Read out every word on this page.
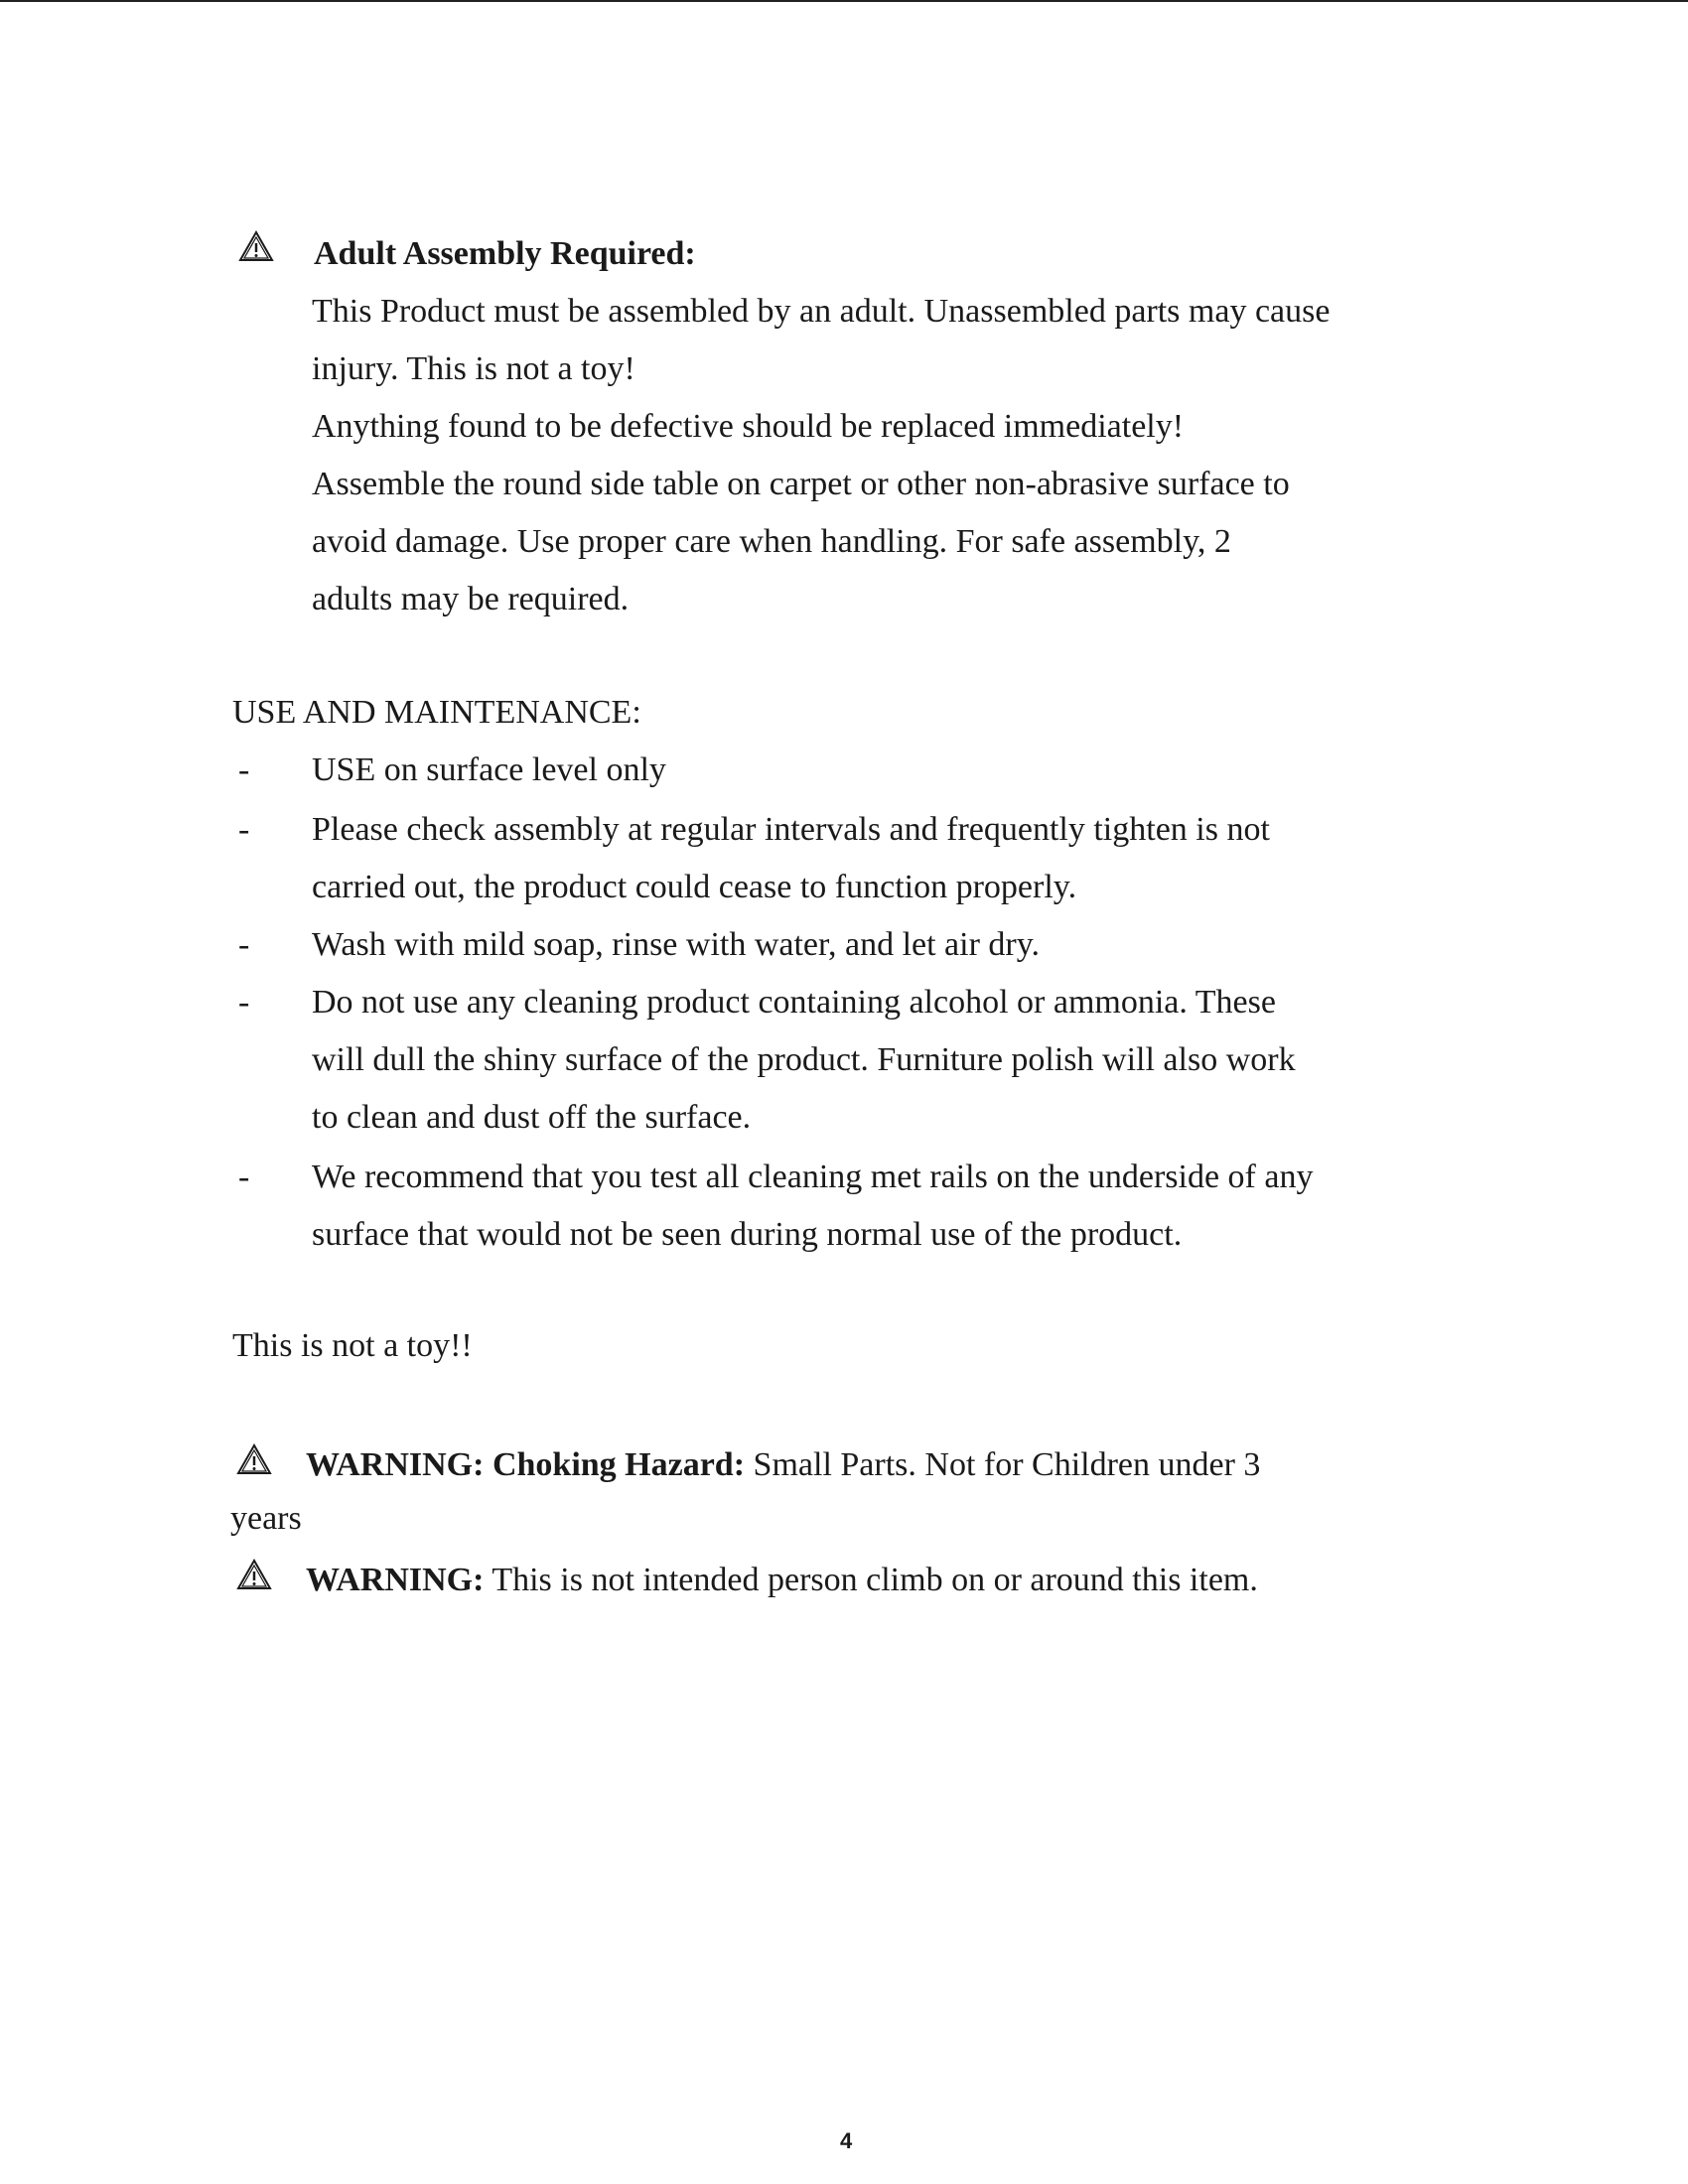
Adult Assembly Required:
This Product must be assembled by an adult. Unassembled parts may cause
injury. This is not a toy!
Anything found to be defective should be replaced immediately!
Assemble the round side table on carpet or other non-abrasive surface to
avoid damage. Use proper care when handling. For safe assembly, 2
adults may be required.
USE AND MAINTENANCE:
- USE on surface level only
- Please check assembly at regular intervals and frequently tighten is not
carried out, the product could cease to function properly.
- Wash with mild soap, rinse with water, and let air dry.
- Do not use any cleaning product containing alcohol or ammonia. These
will dull the shiny surface of the product. Furniture polish will also work
to clean and dust off the surface.
- We recommend that you test all cleaning met rails on the underside of any
surface that would not be seen during normal use of the product.
This is not a toy!!
WARNING: Choking Hazard: Small Parts. Not for Children under 3
years
WARNING: This is not intended person climb on or around this item.
4
